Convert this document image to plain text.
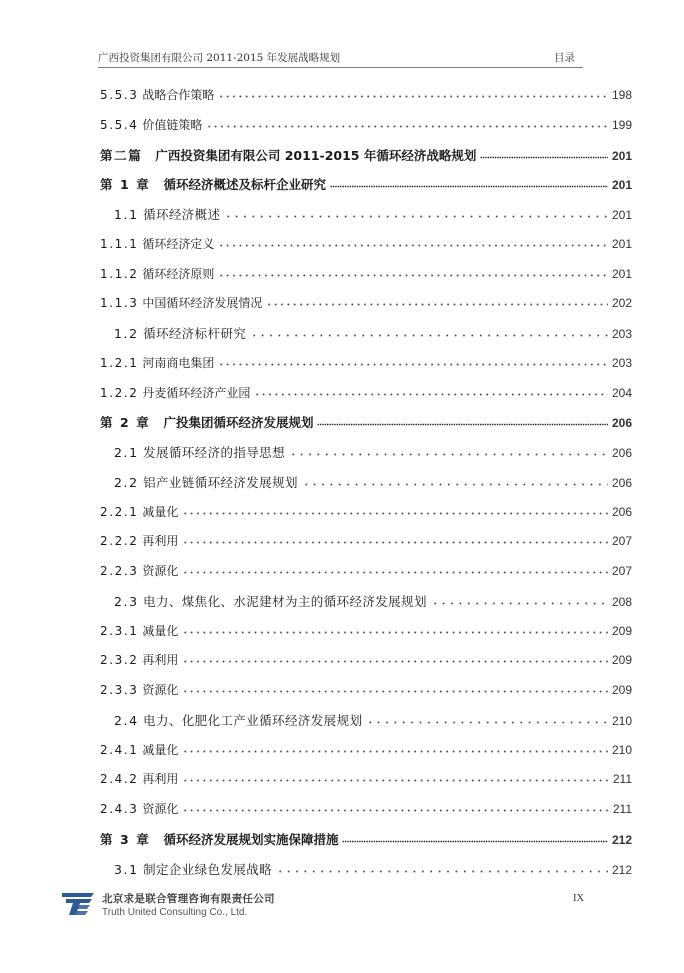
广西投资集团有限公司 2011-2015 年发展战略规划	目录
5.5.3 战略合作策略	198
5.5.4 价值链策略	199
第二篇 广西投资集团有限公司 2011-2015 年循环经济战略规划	201
第 1 章 循环经济概述及标杆企业研究	201
1.1 循环经济概述	201
1.1.1 循环经济定义	201
1.1.2 循环经济原则	201
1.1.3 中国循环经济发展情况	202
1.2 循环经济标杆研究	203
1.2.1 河南商电集团	203
1.2.2 丹麦循环经济产业园	204
第 2 章 广投集团循环经济发展规划	206
2.1 发展循环经济的指导思想	206
2.2 铝产业链循环经济发展规划	206
2.2.1 减量化	206
2.2.2 再利用	207
2.2.3 资源化	207
2.3 电力、煤焦化、水泥建材为主的循环经济发展规划	208
2.3.1 减量化	209
2.3.2 再利用	209
2.3.3 资源化	209
2.4 电力、化肥化工产业循环经济发展规划	210
2.4.1 减量化	210
2.4.2 再利用	211
2.4.3 资源化	211
第 3 章 循环经济发展规划实施保障措施	212
3.1 制定企业绿色发展战略	212
北京求是联合管理咨询有限责任公司
Truth United Consulting Co., Ltd.
IX
